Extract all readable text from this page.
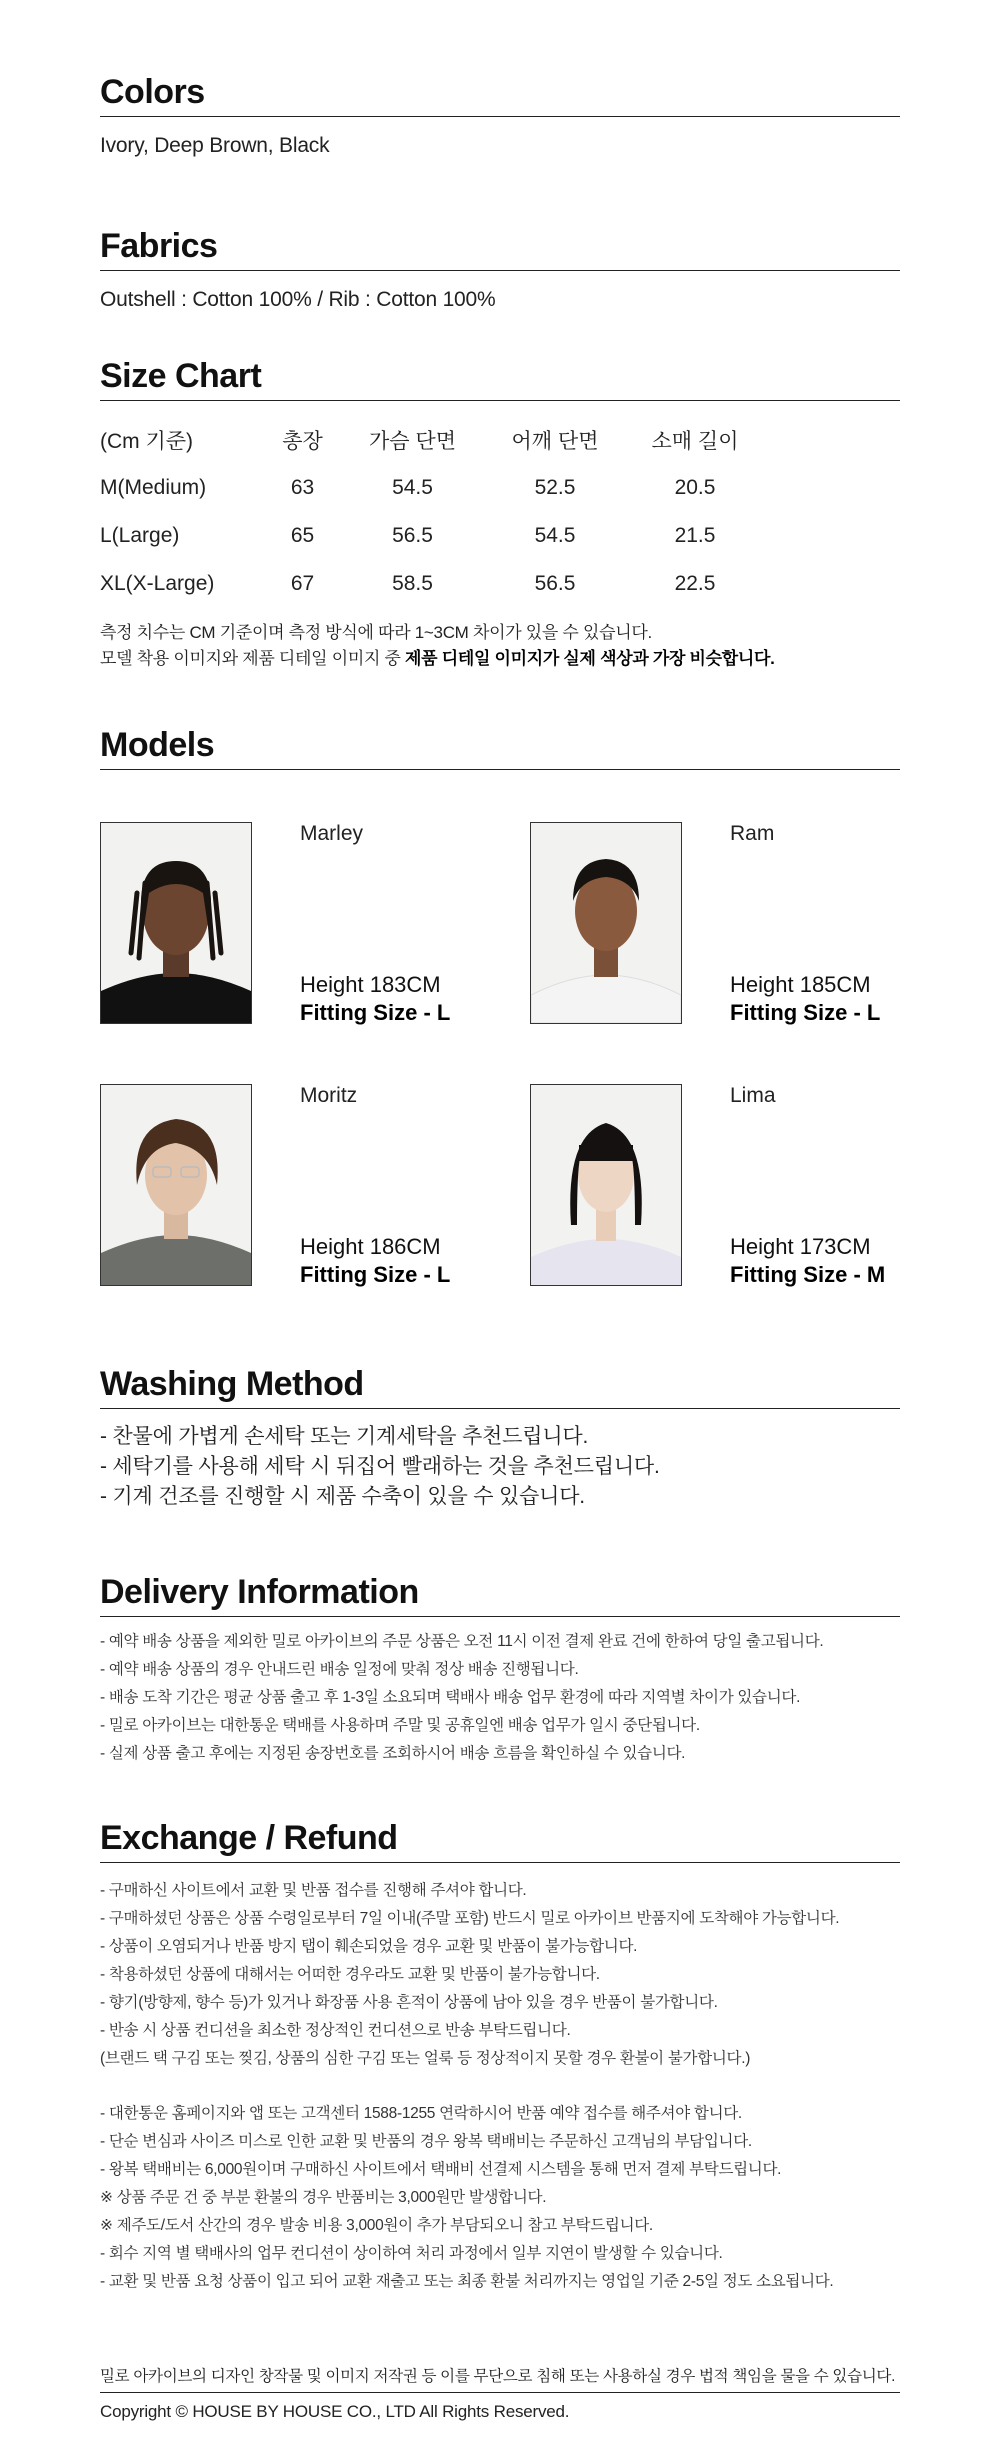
Colors
Ivory, Deep Brown, Black
Fabrics
Outshell : Cotton 100% / Rib : Cotton 100%
Size Chart
(Cm 기준)	총장	가슴 단면	어깨 단면	소매 길이
M(Medium)	63	54.5	52.5	20.5
L(Large)	65	56.5	54.5	21.5
XL(X-Large)	67	58.5	56.5	22.5
측정 치수는 CM 기준이며 측정 방식에 따라 1~3CM 차이가 있을 수 있습니다.
모델 착용 이미지와 제품 디테일 이미지 중 제품 디테일 이미지가 실제 색상과 가장 비슷합니다.
Models
Marley
Height 183CM
Fitting Size - L
Ram
Height 185CM
Fitting Size - L
Moritz
Height 186CM
Fitting Size - L
Lima
Height 173CM
Fitting Size - M
Washing Method
- 찬물에 가볍게 손세탁 또는 기계세탁을 추천드립니다.
- 세탁기를 사용해 세탁 시 뒤집어 빨래하는 것을 추천드립니다.
- 기계 건조를 진행할 시 제품 수축이 있을 수 있습니다.
Delivery Information
- 예약 배송 상품을 제외한 밀로 아카이브의 주문 상품은 오전 11시 이전 결제 완료 건에 한하여 당일 출고됩니다.
- 예약 배송 상품의 경우 안내드린 배송 일정에 맞춰 정상 배송 진행됩니다.
- 배송 도착 기간은 평균 상품 출고 후 1-3일 소요되며 택배사 배송 업무 환경에 따라 지역별 차이가 있습니다.
- 밀로 아카이브는 대한통운 택배를 사용하며 주말 및 공휴일엔 배송 업무가 일시 중단됩니다.
- 실제 상품 출고 후에는 지정된 송장번호를 조회하시어 배송 흐름을 확인하실 수 있습니다.
Exchange / Refund
- 구매하신 사이트에서 교환 및 반품 접수를 진행해 주셔야 합니다.
- 구매하셨던 상품은 상품 수령일로부터 7일 이내(주말 포함) 반드시 밀로 아카이브 반품지에 도착해야 가능합니다.
- 상품이 오염되거나 반품 방지 탭이 훼손되었을 경우 교환 및 반품이 불가능합니다.
- 착용하셨던 상품에 대해서는 어떠한 경우라도 교환 및 반품이 불가능합니다.
- 향기(방향제, 향수 등)가 있거나 화장품 사용 흔적이 상품에 남아 있을 경우 반품이 불가합니다.
- 반송 시 상품 컨디션을 최소한 정상적인 컨디션으로 반송 부탁드립니다.
(브랜드 택 구김 또는 찢김, 상품의 심한 구김 또는 얼룩 등 정상적이지 못할 경우 환불이 불가합니다.)
- 대한통운 홈페이지와 앱 또는 고객센터 1588-1255 연락하시어 반품 예약 접수를 해주셔야 합니다.
- 단순 변심과 사이즈 미스로 인한 교환 및 반품의 경우 왕복 택배비는 주문하신 고객님의 부담입니다.
- 왕복 택배비는 6,000원이며 구매하신 사이트에서 택배비 선결제 시스템을 통해 먼저 결제 부탁드립니다.
※ 상품 주문 건 중 부분 환불의 경우 반품비는 3,000원만 발생합니다.
※ 제주도/도서 산간의 경우 발송 비용 3,000원이 추가 부담되오니 참고 부탁드립니다.
- 회수 지역 별 택배사의 업무 컨디션이 상이하여 처리 과정에서 일부 지연이 발생할 수 있습니다.
- 교환 및 반품 요청 상품이 입고 되어 교환 재출고 또는 최종 환불 처리까지는 영업일 기준 2-5일 정도 소요됩니다.
밀로 아카이브의 디자인 창작물 및 이미지 저작권 등 이를 무단으로 침해 또는 사용하실 경우 법적 책임을 물을 수 있습니다.
Copyright © HOUSE BY HOUSE CO., LTD All Rights Reserved.
